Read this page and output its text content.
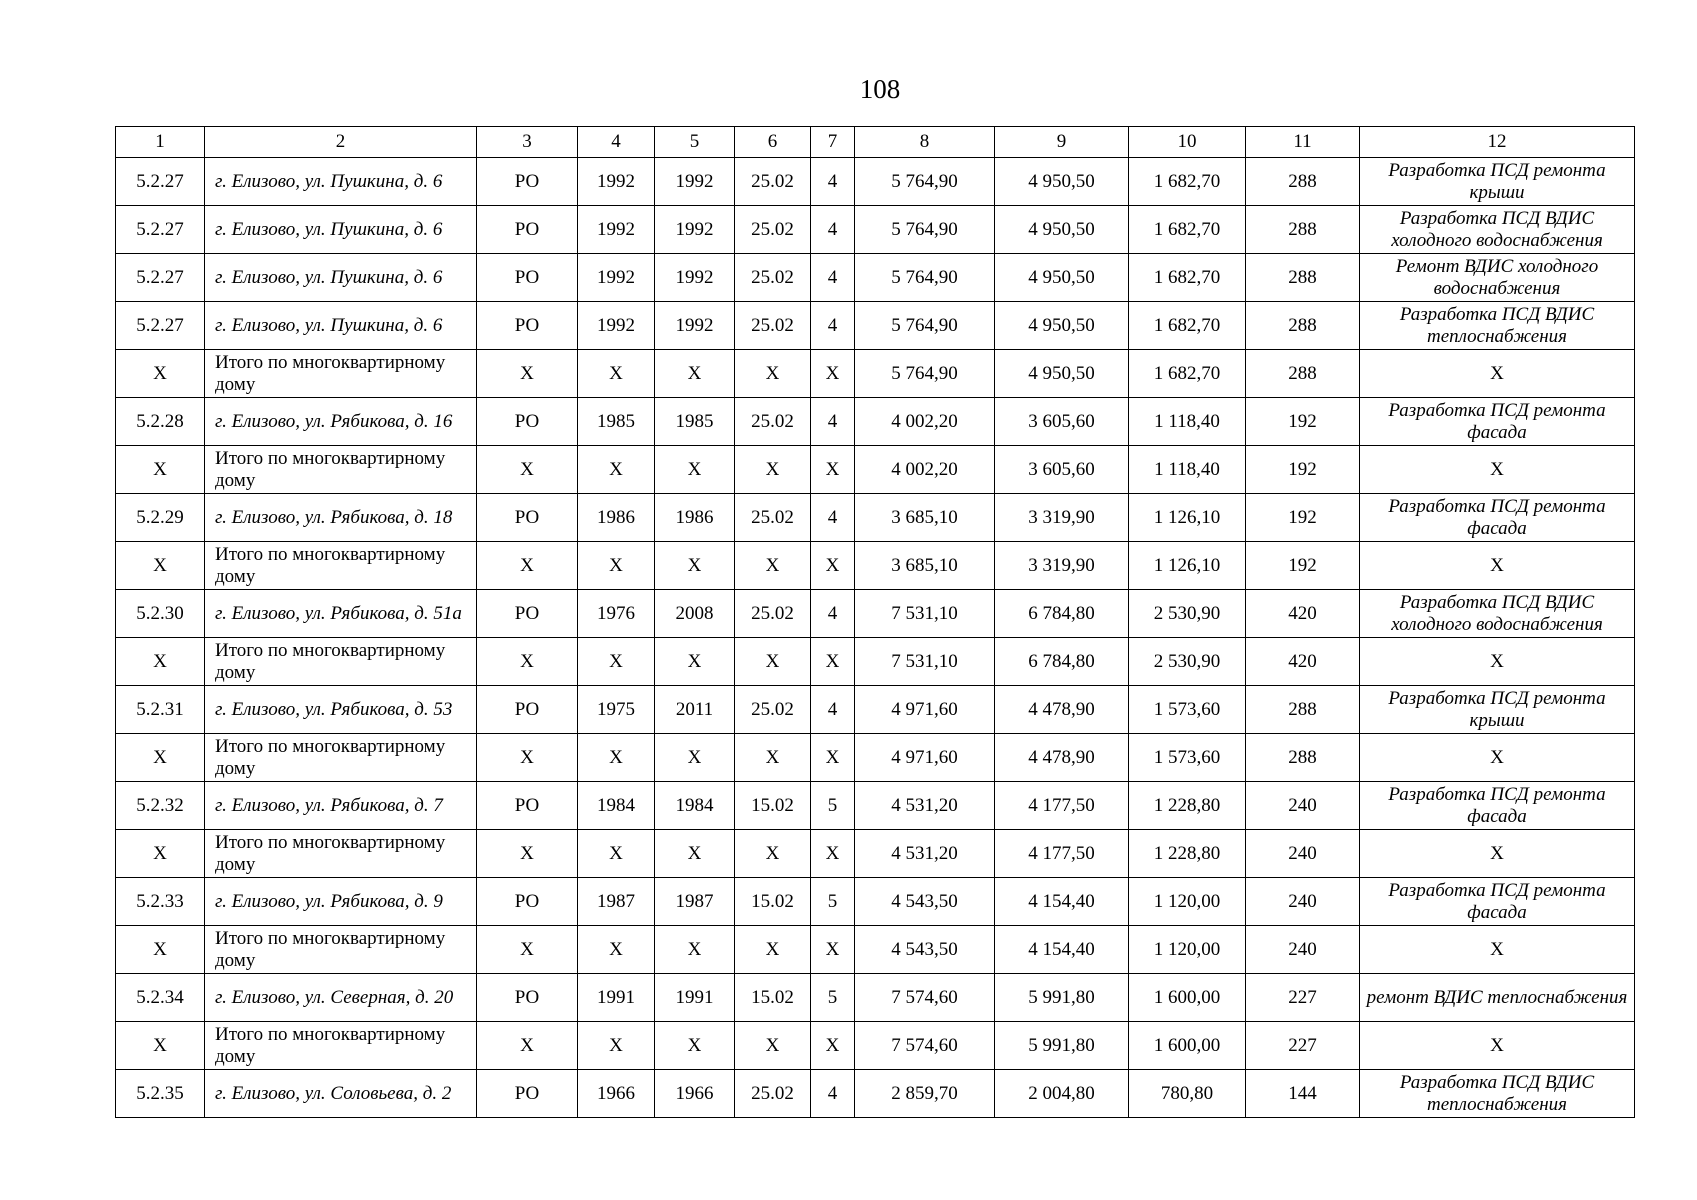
108
1	2	3	4	5	6	7	8	9	10	11	12
5.2.27	г. Елизово, ул. Пушкина, д. 6	РО	1992	1992	25.02	4	5 764,90	4 950,50	1 682,70	288	Разработка ПСД ремонта крыши
5.2.27	г. Елизово, ул. Пушкина, д. 6	РО	1992	1992	25.02	4	5 764,90	4 950,50	1 682,70	288	Разработка ПСД ВДИС холодного водоснабжения
5.2.27	г. Елизово, ул. Пушкина, д. 6	РО	1992	1992	25.02	4	5 764,90	4 950,50	1 682,70	288	Ремонт ВДИС холодного водоснабжения
5.2.27	г. Елизово, ул. Пушкина, д. 6	РО	1992	1992	25.02	4	5 764,90	4 950,50	1 682,70	288	Разработка ПСД ВДИС теплоснабжения
Х	Итого по многоквартирному дому	Х	Х	Х	Х	Х	5 764,90	4 950,50	1 682,70	288	Х
5.2.28	г. Елизово, ул. Рябикова, д. 16	РО	1985	1985	25.02	4	4 002,20	3 605,60	1 118,40	192	Разработка ПСД ремонта фасада
Х	Итого по многоквартирному дому	Х	Х	Х	Х	Х	4 002,20	3 605,60	1 118,40	192	Х
5.2.29	г. Елизово, ул. Рябикова, д. 18	РО	1986	1986	25.02	4	3 685,10	3 319,90	1 126,10	192	Разработка ПСД ремонта фасада
Х	Итого по многоквартирному дому	Х	Х	Х	Х	Х	3 685,10	3 319,90	1 126,10	192	Х
5.2.30	г. Елизово, ул. Рябикова, д. 51а	РО	1976	2008	25.02	4	7 531,10	6 784,80	2 530,90	420	Разработка ПСД ВДИС холодного водоснабжения
Х	Итого по многоквартирному дому	Х	Х	Х	Х	Х	7 531,10	6 784,80	2 530,90	420	Х
5.2.31	г. Елизово, ул. Рябикова, д. 53	РО	1975	2011	25.02	4	4 971,60	4 478,90	1 573,60	288	Разработка ПСД ремонта крыши
Х	Итого по многоквартирному дому	Х	Х	Х	Х	Х	4 971,60	4 478,90	1 573,60	288	Х
5.2.32	г. Елизово, ул. Рябикова, д. 7	РО	1984	1984	15.02	5	4 531,20	4 177,50	1 228,80	240	Разработка ПСД ремонта фасада
Х	Итого по многоквартирному дому	Х	Х	Х	Х	Х	4 531,20	4 177,50	1 228,80	240	Х
5.2.33	г. Елизово, ул. Рябикова, д. 9	РО	1987	1987	15.02	5	4 543,50	4 154,40	1 120,00	240	Разработка ПСД ремонта фасада
Х	Итого по многоквартирному дому	Х	Х	Х	Х	Х	4 543,50	4 154,40	1 120,00	240	Х
5.2.34	г. Елизово, ул. Северная, д. 20	РО	1991	1991	15.02	5	7 574,60	5 991,80	1 600,00	227	ремонт ВДИС теплоснабжения
Х	Итого по многоквартирному дому	Х	Х	Х	Х	Х	7 574,60	5 991,80	1 600,00	227	Х
5.2.35	г. Елизово, ул. Соловьева, д. 2	РО	1966	1966	25.02	4	2 859,70	2 004,80	780,80	144	Разработка ПСД ВДИС теплоснабжения
